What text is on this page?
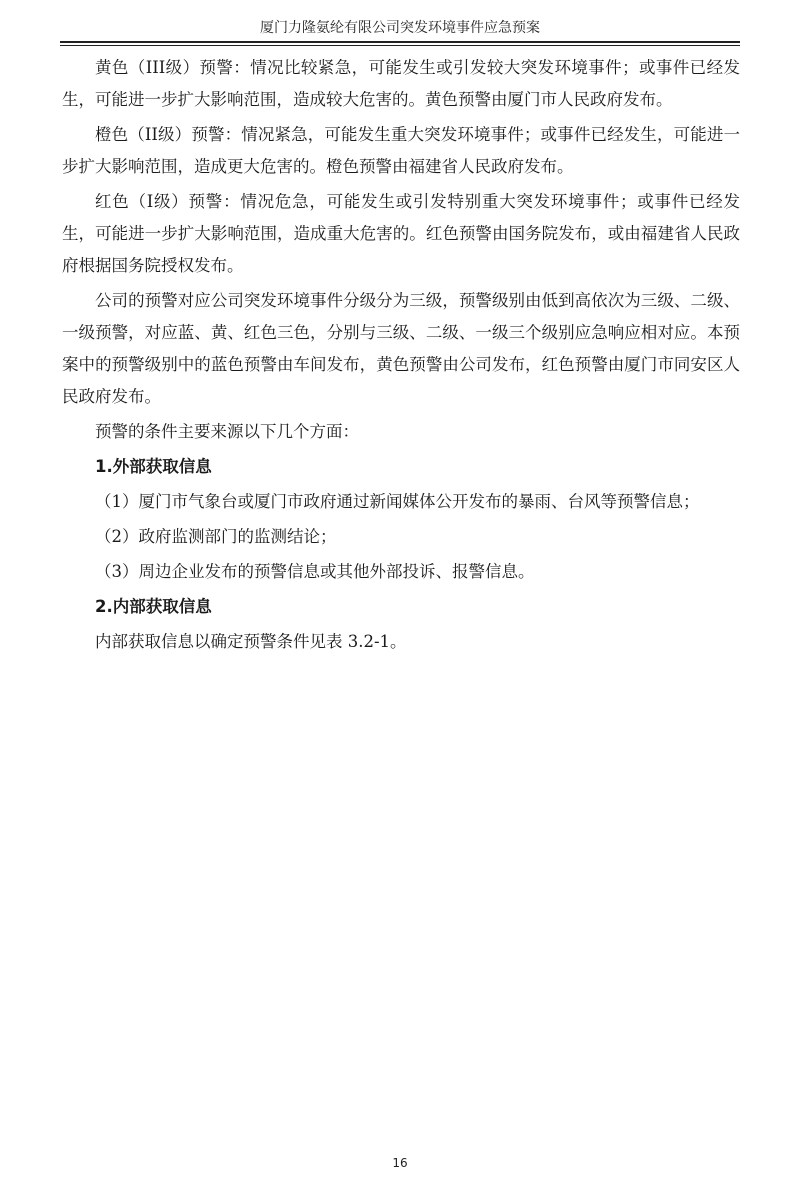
厦门力隆氨纶有限公司突发环境事件应急预案

黄色（III级）预警：情况比较紧急，可能发生或引发较大突发环境事件；或事件已经发生，可能进一步扩大影响范围，造成较大危害的。黄色预警由厦门市人民政府发布。

橙色（II级）预警：情况紧急，可能发生重大突发环境事件；或事件已经发生，可能进一步扩大影响范围，造成更大危害的。橙色预警由福建省人民政府发布。

红色（I级）预警：情况危急，可能发生或引发特别重大突发环境事件；或事件已经发生，可能进一步扩大影响范围，造成重大危害的。红色预警由国务院发布，或由福建省人民政府根据国务院授权发布。

公司的预警对应公司突发环境事件分级分为三级，预警级别由低到高依次为三级、二级、一级预警，对应蓝、黄、红色三色，分别与三级、二级、一级三个级别应急响应相对应。本预案中的预警级别中的蓝色预警由车间发布，黄色预警由公司发布，红色预警由厦门市同安区人民政府发布。

预警的条件主要来源以下几个方面：

1.外部获取信息

（1）厦门市气象台或厦门市政府通过新闻媒体公开发布的暴雨、台风等预警信息；

（2）政府监测部门的监测结论；

（3）周边企业发布的预警信息或其他外部投诉、报警信息。

2.内部获取信息

内部获取信息以确定预警条件见表 3.2-1。

16
